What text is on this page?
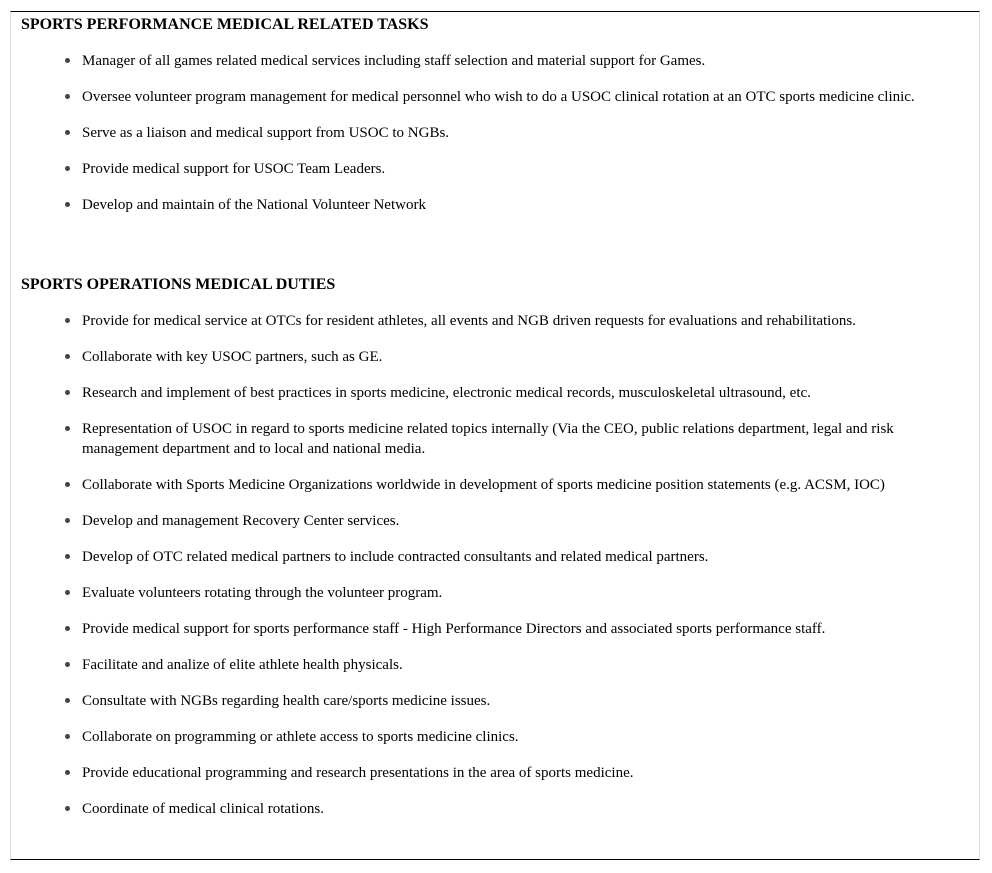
SPORTS PERFORMANCE MEDICAL RELATED TASKS
Manager of all games related medical services including staff selection and material support for Games.
Oversee volunteer program management for medical personnel who wish to do a USOC clinical rotation at an OTC sports medicine clinic.
Serve as a liaison and medical support from USOC to NGBs.
Provide medical support for USOC Team Leaders.
Develop and maintain of the National Volunteer Network
SPORTS OPERATIONS MEDICAL DUTIES
Provide for medical service at OTCs for resident athletes, all events and NGB driven requests for evaluations and rehabilitations.
Collaborate with key USOC partners, such as GE.
Research and implement of best practices in sports medicine, electronic medical records, musculoskeletal ultrasound, etc.
Representation of USOC in regard to sports medicine related topics internally (Via the CEO, public relations department, legal and risk management department and to local and national media.
Collaborate with Sports Medicine Organizations worldwide in development of sports medicine position statements (e.g. ACSM, IOC)
Develop and management Recovery Center services.
Develop of OTC related medical partners to include contracted consultants and related medical partners.
Evaluate volunteers rotating through the volunteer program.
Provide medical support for sports performance staff - High Performance Directors and associated sports performance staff.
Facilitate and analize of elite athlete health physicals.
Consultate with NGBs regarding health care/sports medicine issues.
Collaborate on programming or athlete access to sports medicine clinics.
Provide educational programming and research presentations in the area of sports medicine.
Coordinate of medical clinical rotations.
